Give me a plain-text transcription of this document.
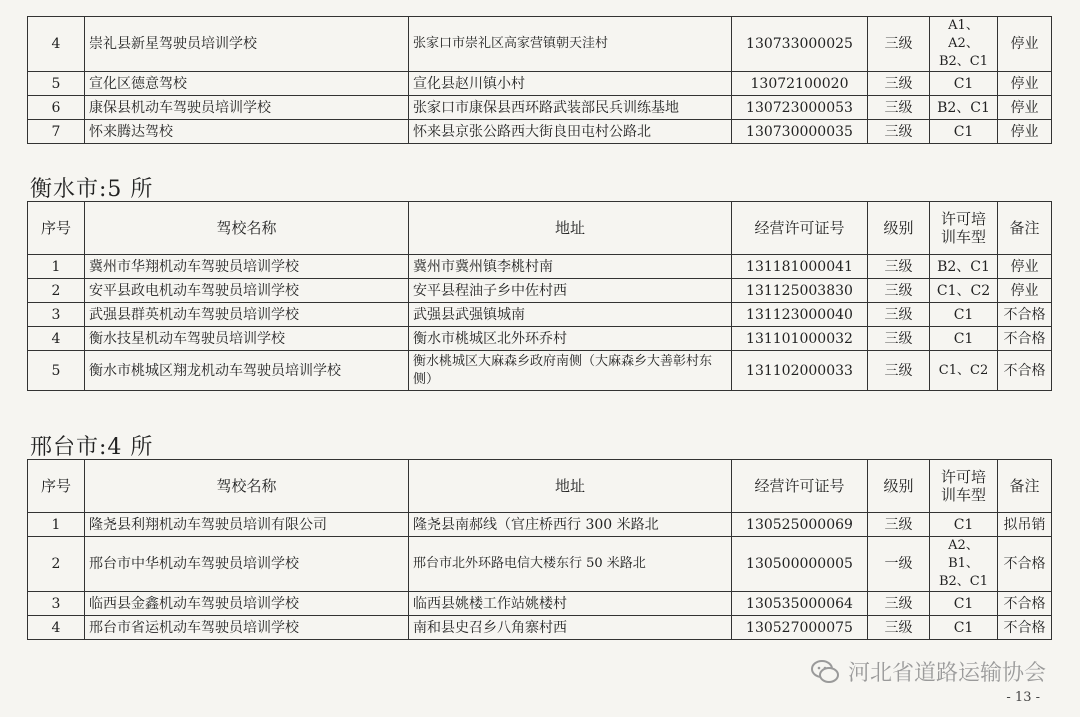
4	崇礼县新星驾驶员培训学校	张家口市崇礼区高家营镇朝天洼村	130733000025	三级	A1、A2、B2、C1	停业
5	宣化区德意驾校	宣化县赵川镇小村	13072100020	三级	C1	停业
6	康保县机动车驾驶员培训学校	张家口市康保县西环路武装部民兵训练基地	130723000053	三级	B2、C1	停业
7	怀来腾达驾校	怀来县京张公路西大街良田屯村公路北	130730000035	三级	C1	停业
衡水市:5 所
序号	驾校名称	地址	经营许可证号	级别	许可培训车型	备注
1	冀州市华翔机动车驾驶员培训学校	冀州市冀州镇李桃村南	131181000041	三级	B2、C1	停业
2	安平县政电机动车驾驶员培训学校	安平县程油子乡中佐村西	131125003830	三级	C1、C2	停业
3	武强县群英机动车驾驶员培训学校	武强县武强镇城南	131123000040	三级	C1	不合格
4	衡水技星机动车驾驶员培训学校	衡水市桃城区北外环乔村	131101000032	三级	C1	不合格
5	衡水市桃城区翔龙机动车驾驶员培训学校	衡水桃城区大麻森乡政府南侧（大麻森乡大善彰村东侧）	131102000033	三级	C1、C2	不合格
邢台市:4 所
序号	驾校名称	地址	经营许可证号	级别	许可培训车型	备注
1	隆尧县利翔机动车驾驶员培训有限公司	隆尧县南郝线（官庄桥西行 300 米路北	130525000069	三级	C1	拟吊销
2	邢台市中华机动车驾驶员培训学校	邢台市北外环路电信大楼东行 50 米路北	130500000005	一级	A2、B1、B2、C1	不合格
3	临西县金鑫机动车驾驶员培训学校	临西县姚楼工作站姚楼村	130535000064	三级	C1	不合格
4	邢台市省运机动车驾驶员培训学校	南和县史召乡八角寨村西	130527000075	三级	C1	不合格
河北省道路运输协会
- 13 -
